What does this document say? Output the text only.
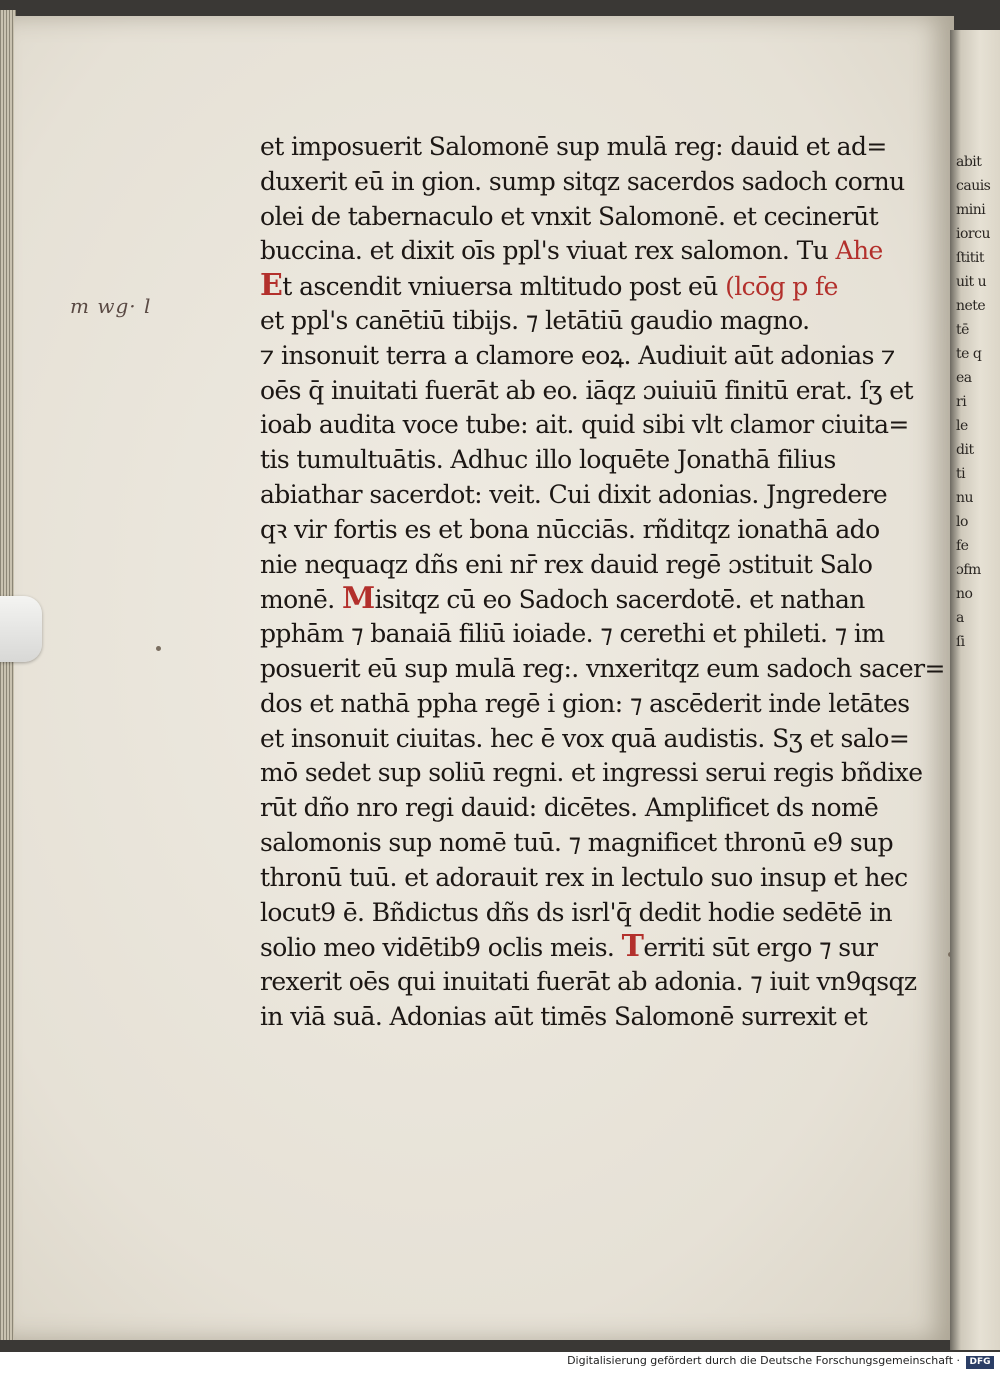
m wg· l
et imposuerit Salomonē sup mulā reg: dauid et ad=
duxerit eū in gion. sump sitqz sacerdos sadoch cornu
olei de tabernaculo et vnxit Salomonē. et cecinerūt
buccina. et dixit oīs ppl's viuat rex salomon. Tu Ahe
Et ascendit vniuersa mltitudo post eū (lcōg p fe
et ppl's canētiū tibijs. ⁊ letātiū gaudio magno.
⁊ insonuit terra a clamore eoꝝ. Audiuit aūt adonias ⁊
oēs q̄ inuitati fuerāt ab eo. iāqz ɔuiuiū finitū erat. ſʒ et
ioab audita voce tube: ait. quid sibi vlt clamor ciuita=
tis tumultuātis. Adhuc illo loquēte Jonathā filius
abiathar sacerdot: veit. Cui dixit adonias. Jngredere
qꝛ vir fortis es et bona nūcciās. rñditqz ionathā ado
nie nequaqz dñs eni nr̄ rex dauid regē ɔstituit Salo
monē. Misitqz cū eo Sadoch sacerdotē. et nathan
pphām ⁊ banaiā filiū ioiade. ⁊ cerethi et phileti. ⁊ im
posuerit eū sup mulā reg:. vnxeritqz eum sadoch sacer=
dos et nathā ppha regē i gion: ⁊ ascēderit inde letātes
et insonuit ciuitas. hec ē vox quā audistis. Sʒ et salo=
mō sedet sup soliū regni. et ingressi serui regis bñdixe
rūt dño nro regi dauid: dicētes. Amplificet ds nomē
salomonis sup nomē tuū. ⁊ magnificet thronū e9 sup
thronū tuū. et adorauit rex in lectulo suo insup et hec
locut9 ē. Bñdictus dñs ds isrl'q̄ dedit hodie sedētē in
solio meo vidētib9 oclis meis. Territi sūt ergo ⁊ sur
rexerit oēs qui inuitati fuerāt ab adonia. ⁊ iuit vn9qsqz
in viā suā. Adonias aūt timēs Salomonē surrexit et
abit
cauis
mini
iorcu
ſtitit
uit u
nete
tē
te q
ea
ri
le
dit
ti
nu
lo
fe
ɔfm
no
a
ſi
Digitalisierung gefördert durch die Deutsche Forschungsgemeinschaft ·	DFG
